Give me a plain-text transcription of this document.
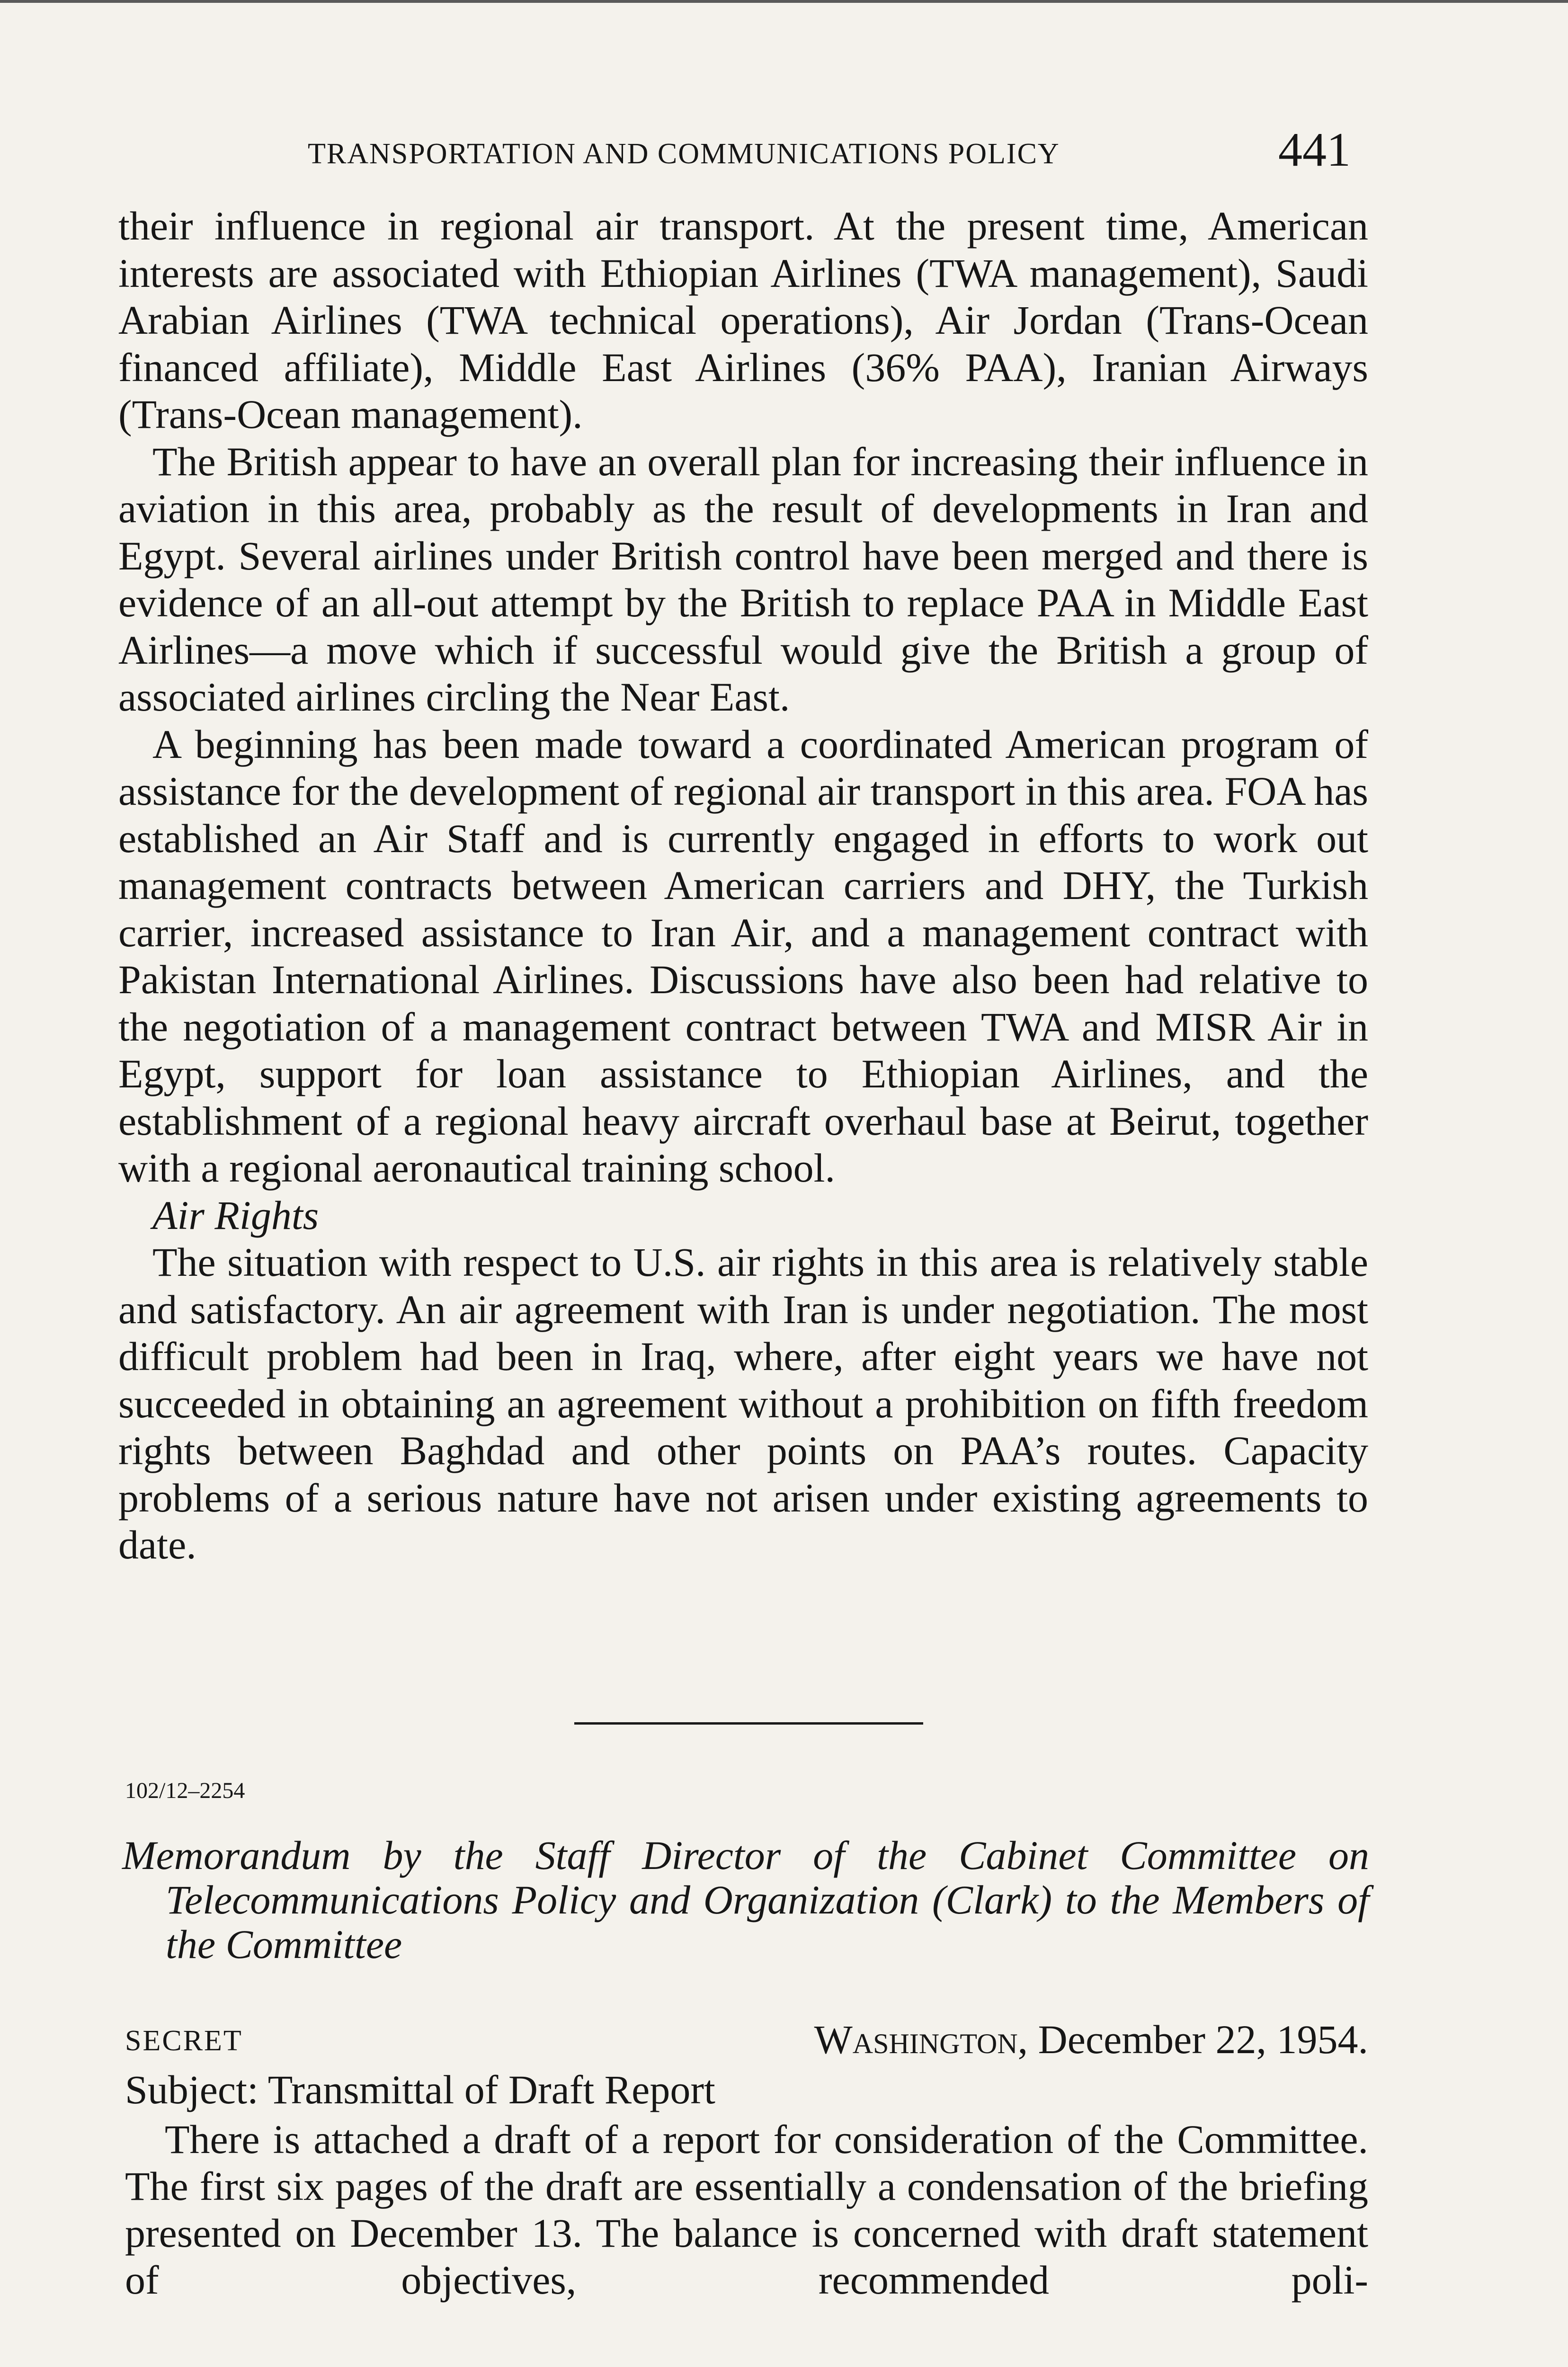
TRANSPORTATION AND COMMUNICATIONS POLICY	441

their influence in regional air transport. At the present time, American interests are associated with Ethiopian Airlines (TWA management), Saudi Arabian Airlines (TWA technical operations), Air Jordan (Trans-Ocean financed affiliate), Middle East Airlines (36% PAA), Iranian Airways (Trans-Ocean management).

The British appear to have an overall plan for increasing their influence in aviation in this area, probably as the result of developments in Iran and Egypt. Several airlines under British control have been merged and there is evidence of an all-out attempt by the British to replace PAA in Middle East Airlines—a move which if successful would give the British a group of associated airlines circling the Near East.

A beginning has been made toward a coordinated American program of assistance for the development of regional air transport in this area. FOA has established an Air Staff and is currently engaged in efforts to work out management contracts between American carriers and DHY, the Turkish carrier, increased assistance to Iran Air, and a management contract with Pakistan International Airlines. Discussions have also been had relative to the negotiation of a management contract between TWA and MISR Air in Egypt, support for loan assistance to Ethiopian Airlines, and the establishment of a regional heavy aircraft overhaul base at Beirut, together with a regional aeronautical training school.

Air Rights

The situation with respect to U.S. air rights in this area is relatively stable and satisfactory. An air agreement with Iran is under negotiation. The most difficult problem had been in Iraq, where, after eight years we have not succeeded in obtaining an agreement without a prohibition on fifth freedom rights between Baghdad and other points on PAA’s routes. Capacity problems of a serious nature have not arisen under existing agreements to date.

102/12–2254
Memorandum by the Staff Director of the Cabinet Committee on Telecommunications Policy and Organization (Clark) to the Members of the Committee
SECRET	Washington, December 22, 1954.
Subject: Transmittal of Draft Report

There is attached a draft of a report for consideration of the Committee. The first six pages of the draft are essentially a condensation of the briefing presented on December 13. The balance is concerned with draft statement of objectives, recommended poli-
